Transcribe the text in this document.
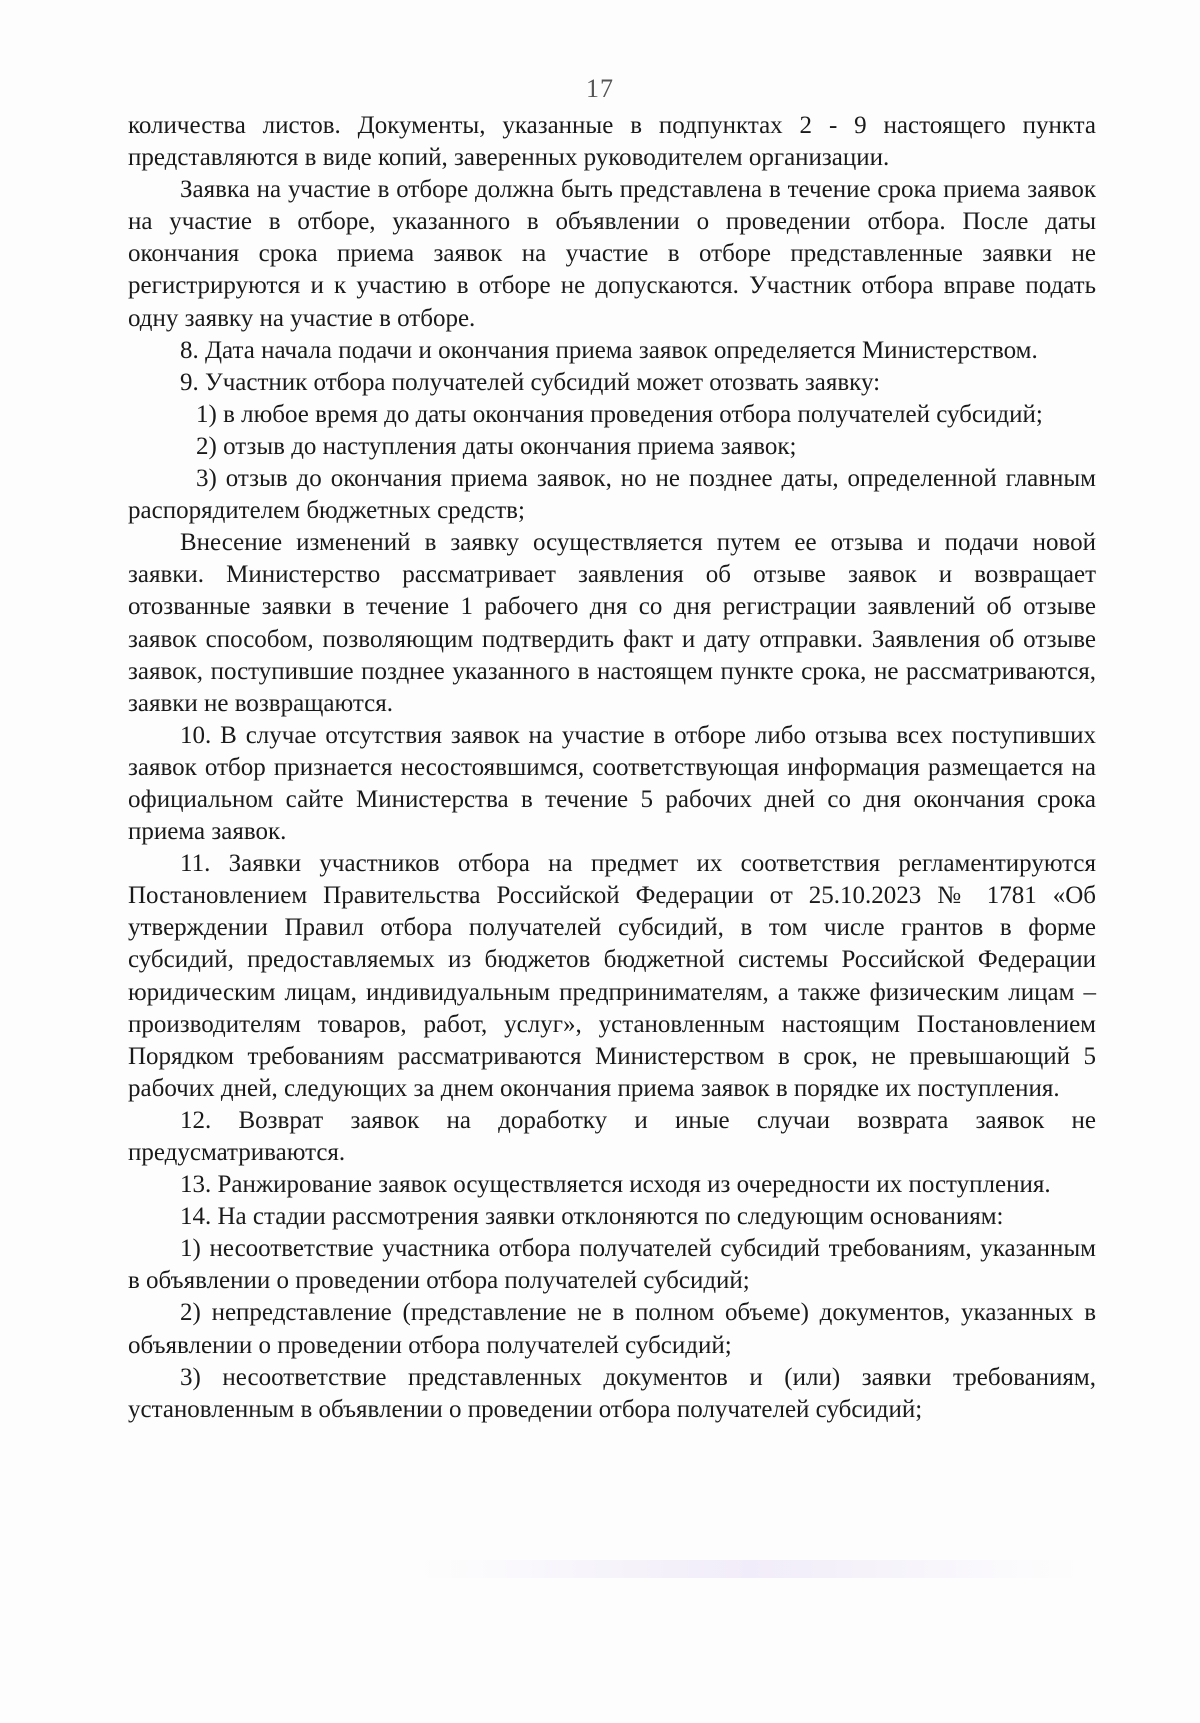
17

количества листов. Документы, указанные в подпунктах 2 - 9 настоящего пункта представляются в виде копий, заверенных руководителем организации.

Заявка на участие в отборе должна быть представлена в течение срока приема заявок на участие в отборе, указанного в объявлении о проведении отбора. После даты окончания срока приема заявок на участие в отборе представленные заявки не регистрируются и к участию в отборе не допускаются. Участник отбора вправе подать одну заявку на участие в отборе.

8. Дата начала подачи и окончания приема заявок определяется Министерством.

9. Участник отбора получателей субсидий может отозвать заявку:

1) в любое время до даты окончания проведения отбора получателей субсидий;

2) отзыв до наступления даты окончания приема заявок;

3) отзыв до окончания приема заявок, но не позднее даты, определенной главным распорядителем бюджетных средств;

Внесение изменений в заявку осуществляется путем ее отзыва и подачи новой заявки. Министерство рассматривает заявления об отзыве заявок и возвращает отозванные заявки в течение 1 рабочего дня со дня регистрации заявлений об отзыве заявок способом, позволяющим подтвердить факт и дату отправки. Заявления об отзыве заявок, поступившие позднее указанного в настоящем пункте срока, не рассматриваются, заявки не возвращаются.

10. В случае отсутствия заявок на участие в отборе либо отзыва всех поступивших заявок отбор признается несостоявшимся, соответствующая информация размещается на официальном сайте Министерства в течение 5 рабочих дней со дня окончания срока приема заявок.

11. Заявки участников отбора на предмет их соответствия регламентируются Постановлением Правительства Российской Федерации от 25.10.2023 № 1781 «Об утверждении Правил отбора получателей субсидий, в том числе грантов в форме субсидий, предоставляемых из бюджетов бюджетной системы Российской Федерации юридическим лицам, индивидуальным предпринимателям, а также физическим лицам – производителям товаров, работ, услуг», установленным настоящим Постановлением Порядком требованиям рассматриваются Министерством в срок, не превышающий 5 рабочих дней, следующих за днем окончания приема заявок в порядке их поступления.

12. Возврат заявок на доработку и иные случаи возврата заявок не предусматриваются.

13. Ранжирование заявок осуществляется исходя из очередности их поступления.

14. На стадии рассмотрения заявки отклоняются по следующим основаниям:

1) несоответствие участника отбора получателей субсидий требованиям, указанным в объявлении о проведении отбора получателей субсидий;

2) непредставление (представление не в полном объеме) документов, указанных в объявлении о проведении отбора получателей субсидий;

3) несоответствие представленных документов и (или) заявки требованиям, установленным в объявлении о проведении отбора получателей субсидий;
